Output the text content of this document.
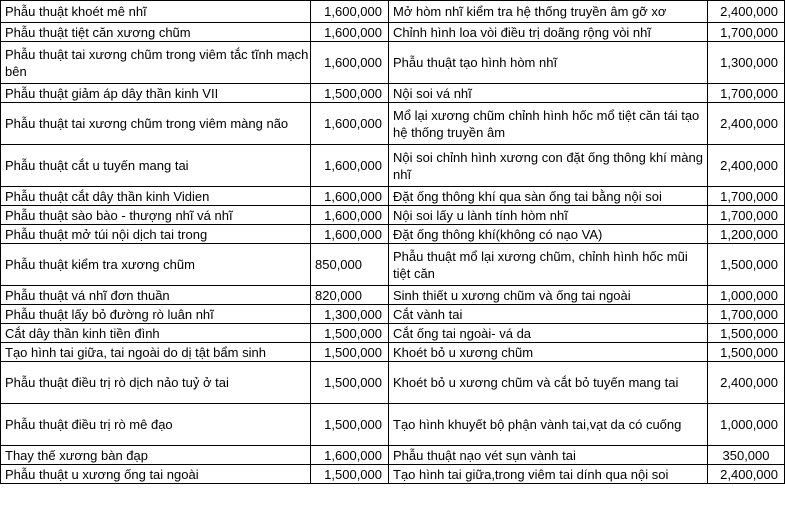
Phẫu thuật khoét mê nhĩ	1,600,000	Mở hòm nhĩ kiểm tra hệ thống truyền âm gỡ xơ	2,400,000
Phẫu thuật tiệt căn xương chũm	1,600,000	Chỉnh hình loa vòi điều trị doãng rộng vòi nhĩ	1,700,000
Phẫu thuật tai xương chũm trong viêm tắc tĩnh mạch bên	1,600,000	Phẫu thuật tạo hình hòm nhĩ	1,300,000
Phẫu thuật giảm áp dây thần kinh VII	1,500,000	Nội soi vá nhĩ	1,700,000
Phẫu thuật tai xương chũm trong viêm màng não	1,600,000	Mổ lại xương chũm chỉnh hình hốc mổ tiệt căn tái tạo hệ thống truyền âm	2,400,000
Phẫu thuật cắt u tuyến mang tai	1,600,000	Nội soi chỉnh hình xương con đặt ống thông khí màng nhĩ	2,400,000
Phẫu thuật cắt dây thần kinh Vidien	1,600,000	Đặt ống thông khí qua sàn ống tai bằng nội soi	1,700,000
Phẫu thuật sào bào - thượng nhĩ vá nhĩ	1,600,000	Nội soi lấy u lành tính hòm nhĩ	1,700,000
Phẫu thuật mở túi nội dịch tai trong	1,600,000	Đặt ống thông khí(không có nạo VA)	1,200,000
Phẫu thuật kiểm tra xương chũm	850,000	Phẫu thuật mổ lại xương chũm, chỉnh hình hốc mũi tiệt căn	1,500,000
Phẫu thuật vá nhĩ đơn thuần	820,000	Sinh thiết u xương chũm và ống tai ngoài	1,000,000
Phẫu thuật lấy bỏ đường rò luân nhĩ	1,300,000	Cắt vành tai	1,700,000
Cắt dây thần kinh tiền đình	1,500,000	Cắt ống tai ngoài- vá da	1,500,000
Tạo hình tai giữa, tai ngoài do dị tật bẩm sinh	1,500,000	Khoét bỏ u xương chũm	1,500,000
Phẫu thuật điều trị rò dịch nảo tuỷ ở tai	1,500,000	Khoét bỏ u xương chũm và cắt bỏ tuyến mang tai	2,400,000
Phẫu thuật điều trị rò mê đạo	1,500,000	Tạo hình khuyết bộ phận vành tai,vạt da có cuống	1,000,000
Thay thế xương bàn đạp	1,600,000	Phẫu thuật nạo vét sụn vành tai	350,000
Phẫu thuật u xương ống tai ngoài	1,500,000	Tạo hình tai giữa,trong viêm tai dính qua nội soi	2,400,000
